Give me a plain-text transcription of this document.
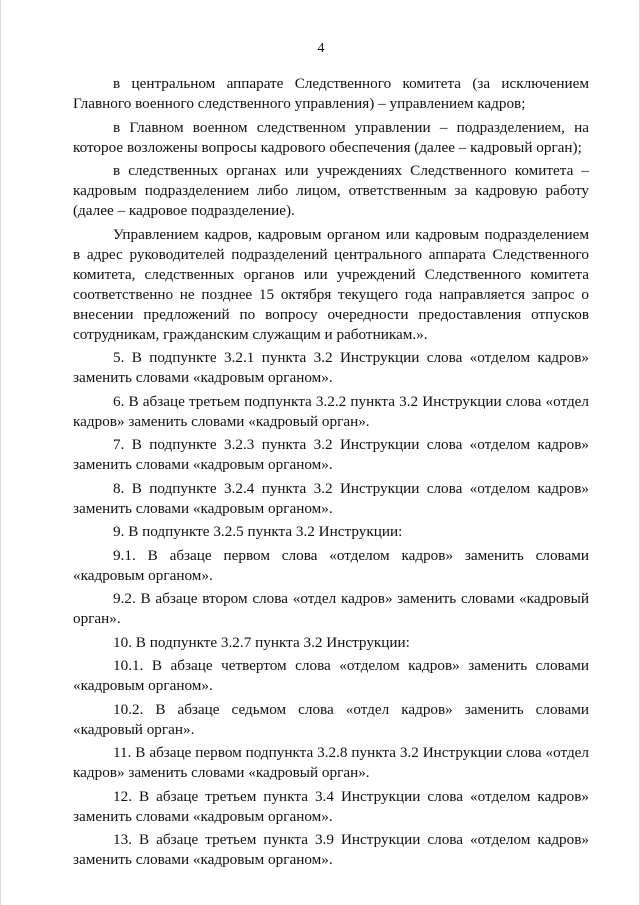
4

в центральном аппарате Следственного комитета (за исключением Главного военного следственного управления) – управлением кадров;

в Главном военном следственном управлении – подразделением, на которое возложены вопросы кадрового обеспечения (далее – кадровый орган);

в следственных органах или учреждениях Следственного комитета – кадровым подразделением либо лицом, ответственным за кадровую работу (далее – кадровое подразделение).

Управлением кадров, кадровым органом или кадровым подразделением в адрес руководителей подразделений центрального аппарата Следственного комитета, следственных органов или учреждений Следственного комитета соответственно не позднее 15 октября текущего года направляется запрос о внесении предложений по вопросу очередности предоставления отпусков сотрудникам, гражданским служащим и работникам.».

5. В подпункте 3.2.1 пункта 3.2 Инструкции слова «отделом кадров» заменить словами «кадровым органом».

6. В абзаце третьем подпункта 3.2.2 пункта 3.2 Инструкции слова «отдел кадров» заменить словами «кадровый орган».

7. В подпункте 3.2.3 пункта 3.2 Инструкции слова «отделом кадров» заменить словами «кадровым органом».

8. В подпункте 3.2.4 пункта 3.2 Инструкции слова «отделом кадров» заменить словами «кадровым органом».

9. В подпункте 3.2.5 пункта 3.2 Инструкции:

9.1. В абзаце первом слова «отделом кадров» заменить словами «кадровым органом».

9.2. В абзаце втором слова «отдел кадров» заменить словами «кадровый орган».

10. В подпункте 3.2.7 пункта 3.2 Инструкции:

10.1. В абзаце четвертом слова «отделом кадров» заменить словами «кадровым органом».

10.2. В абзаце седьмом слова «отдел кадров» заменить словами «кадровый орган».

11. В абзаце первом подпункта 3.2.8 пункта 3.2 Инструкции слова «отдел кадров» заменить словами «кадровый орган».

12. В абзаце третьем пункта 3.4 Инструкции слова «отделом кадров» заменить словами «кадровым органом».

13. В абзаце третьем пункта 3.9 Инструкции слова «отделом кадров» заменить словами «кадровым органом».
